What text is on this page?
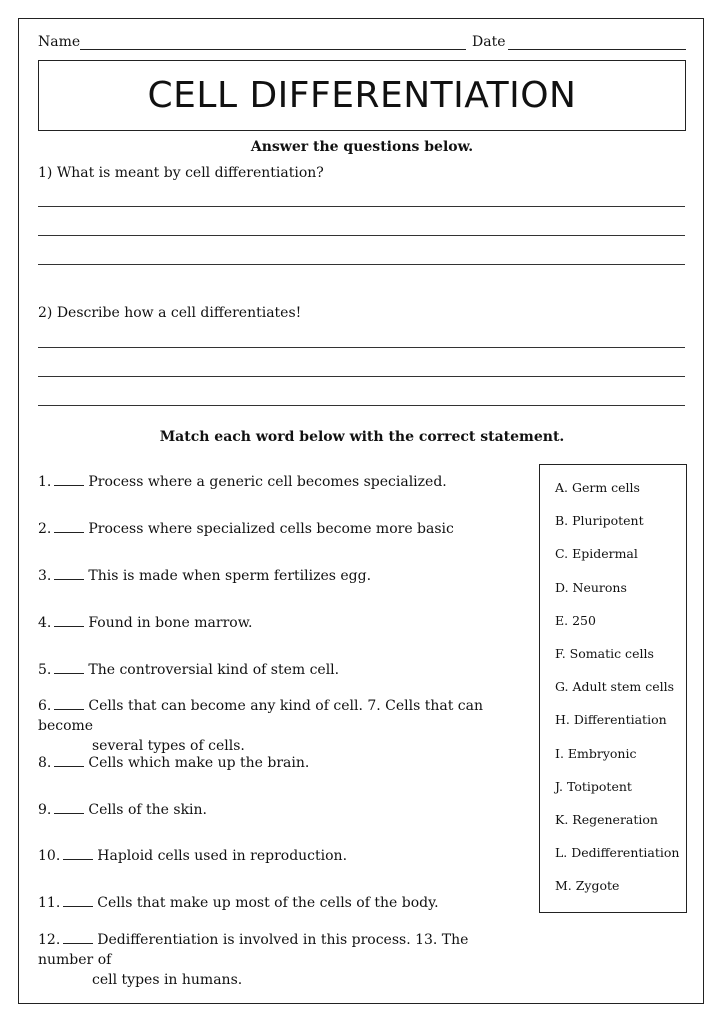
Name	Date
CELL DIFFERENTIATION
Answer the questions below.
1) What is meant by cell differentiation?
2) Describe how a cell differentiates!
Match each word below with the correct statement.
1.	Process where a generic cell becomes specialized.
2.	Process where specialized cells become more basic
3.	This is made when sperm fertilizes egg.
4.	Found in bone marrow.
5.	The controversial kind of stem cell.
6.	Cells that can become any kind of cell. 7. Cells that can become
several types of cells.
8.	Cells which make up the brain.
9.	Cells of the skin.
10.	Haploid cells used in reproduction.
11.	Cells that make up most of the cells of the body.
12.	Dedifferentiation is involved in this process. 13. The number of
cell types in humans.
A. Germ cells
B. Pluripotent
C. Epidermal
D. Neurons
E. 250
F. Somatic cells
G. Adult stem cells
H. Differentiation
I. Embryonic
J. Totipotent
K. Regeneration
L. Dedifferentiation
M. Zygote
